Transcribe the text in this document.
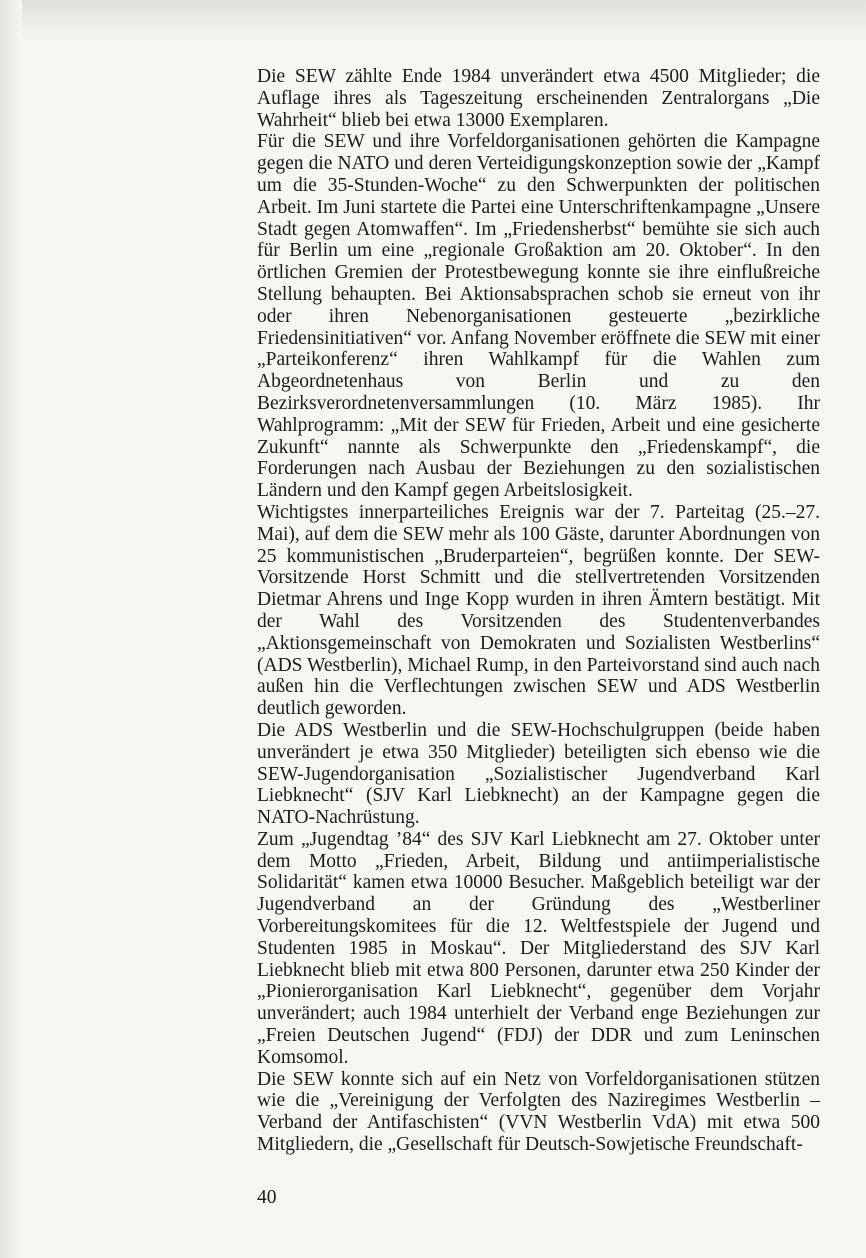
Die SEW zählte Ende 1984 unverändert etwa 4500 Mitglieder; die Auflage ihres als Tageszeitung erscheinenden Zentralorgans „Die Wahrheit“ blieb bei etwa 13000 Exemplaren.

Für die SEW und ihre Vorfeldorganisationen gehörten die Kampagne gegen die NATO und deren Verteidigungskonzeption sowie der „Kampf um die 35-Stunden-Woche“ zu den Schwerpunkten der politischen Arbeit. Im Juni startete die Partei eine Unterschriftenkampagne „Unsere Stadt gegen Atomwaffen“. Im „Friedensherbst“ bemühte sie sich auch für Berlin um eine „regionale Großaktion am 20. Oktober“. In den örtlichen Gremien der Protestbewegung konnte sie ihre einflußreiche Stellung behaupten. Bei Aktionsabsprachen schob sie erneut von ihr oder ihren Nebenorganisationen gesteuerte „bezirkliche Friedensinitiativen“ vor. Anfang November eröffnete die SEW mit einer „Parteikonferenz“ ihren Wahlkampf für die Wahlen zum Abgeordnetenhaus von Berlin und zu den Bezirksverordnetenversammlungen (10. März 1985). Ihr Wahlprogramm: „Mit der SEW für Frieden, Arbeit und eine gesicherte Zukunft“ nannte als Schwerpunkte den „Friedenskampf“, die Forderungen nach Ausbau der Beziehungen zu den sozialistischen Ländern und den Kampf gegen Arbeitslosigkeit.

Wichtigstes innerparteiliches Ereignis war der 7. Parteitag (25.–27. Mai), auf dem die SEW mehr als 100 Gäste, darunter Abordnungen von 25 kommunistischen „Bruderparteien“, begrüßen konnte. Der SEW-Vorsitzende Horst Schmitt und die stellvertretenden Vorsitzenden Dietmar Ahrens und Inge Kopp wurden in ihren Ämtern bestätigt. Mit der Wahl des Vorsitzenden des Studentenverbandes „Aktionsgemeinschaft von Demokraten und Sozialisten Westberlins“ (ADS Westberlin), Michael Rump, in den Parteivorstand sind auch nach außen hin die Verflechtungen zwischen SEW und ADS Westberlin deutlich geworden.

Die ADS Westberlin und die SEW-Hochschulgruppen (beide haben unverändert je etwa 350 Mitglieder) beteiligten sich ebenso wie die SEW-Jugendorganisation „Sozialistischer Jugendverband Karl Liebknecht“ (SJV Karl Liebknecht) an der Kampagne gegen die NATO-Nachrüstung.

Zum „Jugendtag ’84“ des SJV Karl Liebknecht am 27. Oktober unter dem Motto „Frieden, Arbeit, Bildung und antiimperialistische Solidarität“ kamen etwa 10000 Besucher. Maßgeblich beteiligt war der Jugendverband an der Gründung des „Westberliner Vorbereitungskomitees für die 12. Weltfestspiele der Jugend und Studenten 1985 in Moskau“. Der Mitgliederstand des SJV Karl Liebknecht blieb mit etwa 800 Personen, darunter etwa 250 Kinder der „Pionierorganisation Karl Liebknecht“, gegenüber dem Vorjahr unverändert; auch 1984 unterhielt der Verband enge Beziehungen zur „Freien Deutschen Jugend“ (FDJ) der DDR und zum Leninschen Komsomol.

Die SEW konnte sich auf ein Netz von Vorfeldorganisationen stützen wie die „Vereinigung der Verfolgten des Naziregimes Westberlin – Verband der Antifaschisten“ (VVN Westberlin VdA) mit etwa 500 Mitgliedern, die „Gesellschaft für Deutsch-Sowjetische Freundschaft-

40
